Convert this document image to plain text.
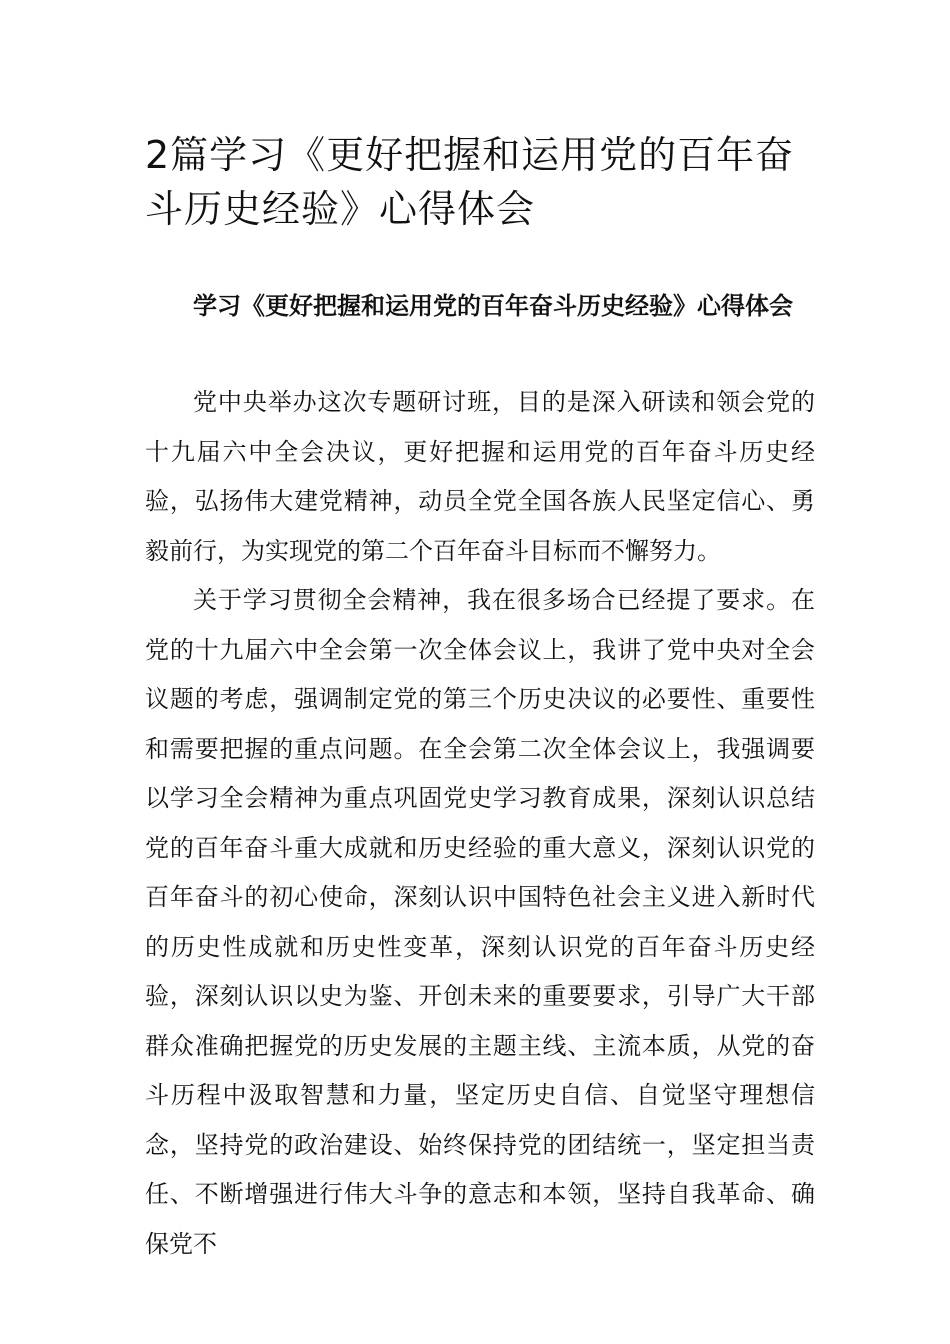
2篇学习《更好把握和运用党的百年奋斗历史经验》心得体会
学习《更好把握和运用党的百年奋斗历史经验》心得体会

党中央举办这次专题研讨班，目的是深入研读和领会党的十九届六中全会决议，更好把握和运用党的百年奋斗历史经验，弘扬伟大建党精神，动员全党全国各族人民坚定信心、勇毅前行，为实现党的第二个百年奋斗目标而不懈努力。

关于学习贯彻全会精神，我在很多场合已经提了要求。在党的十九届六中全会第一次全体会议上，我讲了党中央对全会议题的考虑，强调制定党的第三个历史决议的必要性、重要性和需要把握的重点问题。在全会第二次全体会议上，我强调要以学习全会精神为重点巩固党史学习教育成果，深刻认识总结党的百年奋斗重大成就和历史经验的重大意义，深刻认识党的百年奋斗的初心使命，深刻认识中国特色社会主义进入新时代的历史性成就和历史性变革，深刻认识党的百年奋斗历史经验，深刻认识以史为鉴、开创未来的重要要求，引导广大干部群众准确把握党的历史发展的主题主线、主流本质，从党的奋斗历程中汲取智慧和力量，坚定历史自信、自觉坚守理想信念，坚持党的政治建设、始终保持党的团结统一，坚定担当责任、不断增强进行伟大斗争的意志和本领，坚持自我革命、确保党不
